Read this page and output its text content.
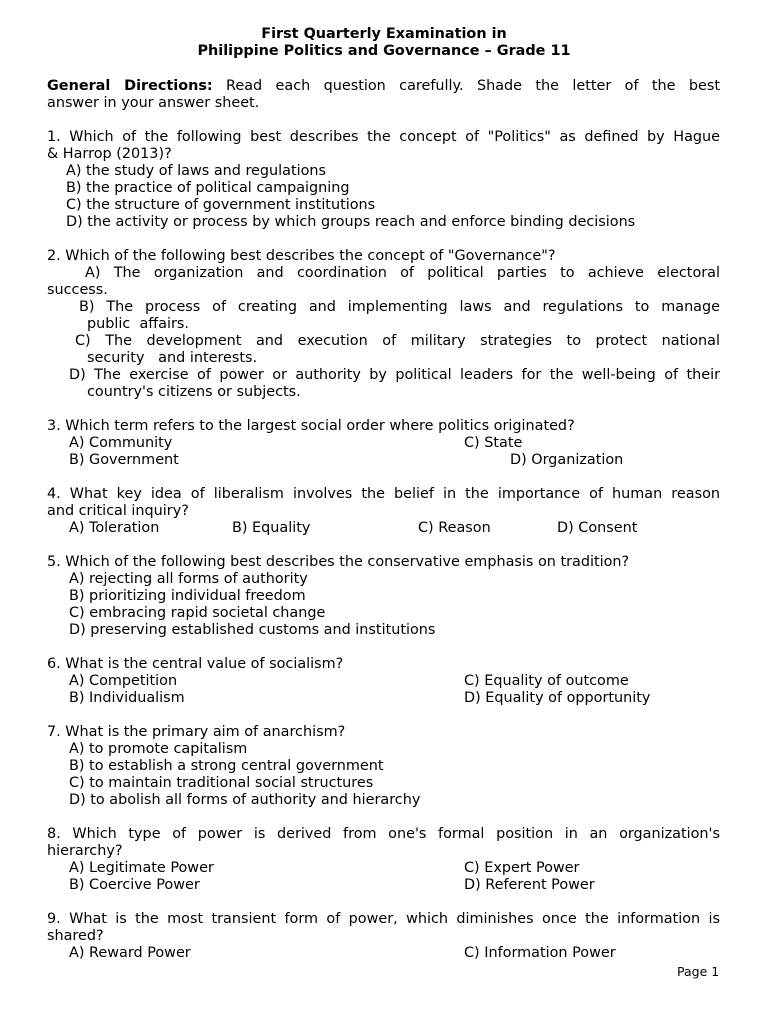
First Quarterly Examination in
Philippine Politics and Governance – Grade 11
General Directions: Read each question carefully. Shade the letter of the best
answer in your answer sheet.
1. Which of the following best describes the concept of "Politics" as defined by Hague
& Harrop (2013)?
A) the study of laws and regulations
B) the practice of political campaigning
C) the structure of government institutions
D) the activity or process by which groups reach and enforce binding decisions
2. Which of the following best describes the concept of "Governance"?
A) The organization and coordination of political parties to achieve electoral
success.
B) The process of creating and implementing laws and regulations to manage
public  affairs.
C) The development and execution of military strategies to protect national
security   and interests.
D) The exercise of power or authority by political leaders for the well-being of their
country's citizens or subjects.
3. Which term refers to the largest social order where politics originated?
A) Community	C) State
B) Government	D) Organization
4. What key idea of liberalism involves the belief in the importance of human reason
and critical inquiry?
A) Toleration	B) Equality	C) Reason	D) Consent
5. Which of the following best describes the conservative emphasis on tradition?
A) rejecting all forms of authority
B) prioritizing individual freedom
C) embracing rapid societal change
D) preserving established customs and institutions
6. What is the central value of socialism?
A) Competition	C) Equality of outcome
B) Individualism	D) Equality of opportunity
7. What is the primary aim of anarchism?
A) to promote capitalism
B) to establish a strong central government
C) to maintain traditional social structures
D) to abolish all forms of authority and hierarchy
8. Which type of power is derived from one's formal position in an organization's
hierarchy?
A) Legitimate Power	C) Expert Power
B) Coercive Power	D) Referent Power
9. What is the most transient form of power, which diminishes once the information is
shared?
A) Reward Power	C) Information Power
Page 1
